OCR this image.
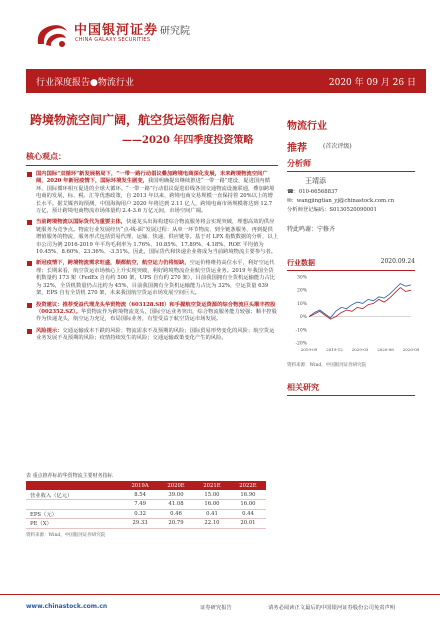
中国银河证券
CHINA GALAXY SECURITIES
研究院
行业深度报告●物流行业	2020 年 09 月 26 日
跨境物流空间广阔，航空货运领衔启航
——2020 年四季度投资策略
物流行业
推荐	(首次评级)
核心观点：
国内国际“双循环”新发展格局下，“一带一路行动倡议叠加跨境电商深化发展，未来跨境物流空间广阔，2020 年新冠疫情下，国际环境发生剧变，我国明确提出继续推进“一带一路”建设，促进国内循环、国际循环相互促进的全球大循环。“一带一路”行动倡议促进沿线各国交通物流设施联通，叠加跨境电商的发展，标、税、汇等优惠政策，自 2013 年以来，跨境电商交易规模一直保持着 20%以上的增长水平。据艾媒咨询预测，中国海淘用户 2020 年将达到 2.11 亿人，跨境电商市场规模将达到 12.7 万亿，预计跨境电商物流市场体量约 2.4-3.6 万亿元间，市场空间广阔。
当前跨境物流以国际货代为重要主体，快递龙头出海构建综合物流服务将会实现突破，理想高效的供应链服务为竞争点。物流行业发展经历“点-线-面”发展过程：从单一环节物流、到全链条服务，再到提供增值服务的物流，服务形式包括贸易代理、运输、快递、供应链等。基于对 LPX 指数数据的分析，以上市公司为例 2016-2019 年平均毛利率为 1.76%、10.85%、17.89%、4.18%、ROE 平均值为 10.45%、8.60%、23.36%、-3.51%。因此，国际货代和快递企业将成为当前跨境物流主要参与者。
新冠疫情下，跨境物流需求旺盛，顺都航空，航空运力仍将短缺，空运价格维持高位水平，利好空运代理；长期来看，航空货运市场核心上升实现突破，利好跨境物流企业航空货运业务。2019 年我国全货机数量约 173 架（FedEx 自有约 500 架，UPS 自有约 270 架），目前我国拥有全货机运输能力占比为 32%，全货机数量仍占比约为 45%，目前我国拥有全货机运输能力占比为 32%，空运货量 639 架，EPS 自有全货机 270 架，未来我国航空货运市场发展空间巨大。
投资建议：推荐受益代理龙头华贸物流（603128.SH）和手握航空货运资源的综合物流巨头顺丰控股（002352.SZ）。华贸物流作为跨境物流龙头，国际空运业务突出，综合物流服务能力较强；顺丰控股作为快递龙头，航空运力充足，布局国际业务，有望受益于航空货运市场发展。
风险提示：交通运输成本下跌的风险；物流需求不及预期的风险；国际贸易形势变化的风险；航空货运业务发展不及预期的风险；疫情持续发生的风险；交通运输政策变化产生的风险。
分析师
王靖添
☎：010-66568837
✉：wangjingtian_yj@chinastock.com.cn
分析师登记编码：S0130520090001
特此鸣谢：宁修齐
行业数据	2020.09.24
30%
20%
10%
0%
-10%
-20%
2019-09 2019-12 2020-03 2020-06 2020-09
资料来源：Wind，中国银河证券研究院
相关研究
表 重点推荐标的华贸物流主要财务指标
	2019A	2020E	2021E	2022E
营业收入（亿元）	8.54	39.00	15.00	16.90
	7.49	41.08	16.00	16.00
EPS（元）	0.32	0.46	0.41	0.44
PE（X）	29.33	20.79	22.10	20.01
资料来源：Wind，中国银河证券研究院
www.chinastock.com.cn	证券研究报告	请务必阅读正文最后的中国银河证券股份公司免责声明
